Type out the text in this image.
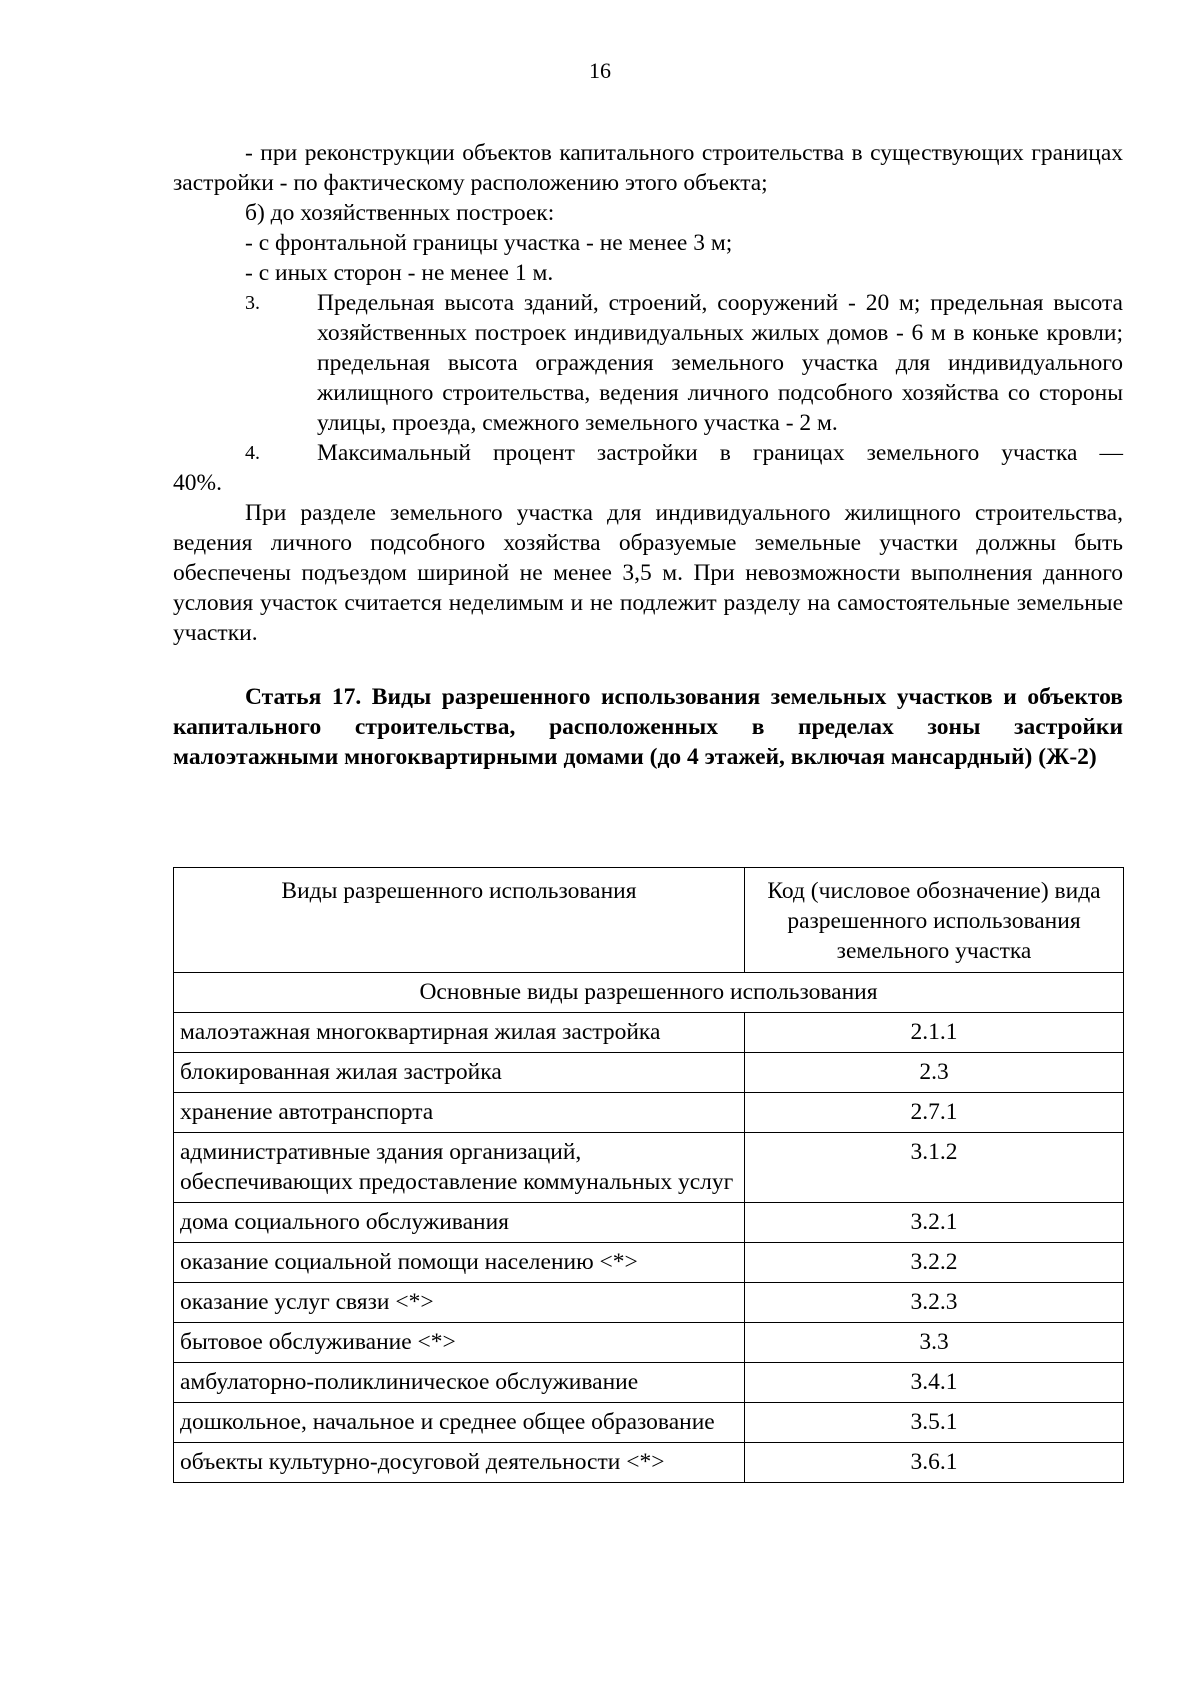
16

- при реконструкции объектов капитального строительства в существующих границах застройки - по фактическому расположению этого объекта;

б) до хозяйственных построек:

- с фронтальной границы участка - не менее 3 м;

- с иных сторон - не менее 1 м.

3.	Предельная высота зданий, строений, сооружений - 20 м; предельная высота хозяйственных построек индивидуальных жилых домов - 6 м в коньке кровли; предельная высота ограждения земельного участка для индивидуального жилищного строительства, ведения личного подсобного хозяйства со стороны улицы, проезда, смежного земельного участка - 2 м.
4.	Максимальный процент застройки в границах земельного участка —

40%.

При разделе земельного участка для индивидуального жилищного строительства, ведения личного подсобного хозяйства образуемые земельные участки должны быть обеспечены подъездом шириной не менее 3,5 м. При невозможности выполнения данного условия участок считается неделимым и не подлежит разделу на самостоятельные земельные участки.

Статья 17. Виды разрешенного использования земельных участков и объектов капитального строительства, расположенных в пределах зоны застройки малоэтажными многоквартирными домами (до 4 этажей, включая мансардный) (Ж-2)

Виды разрешенного использования	Код (числовое обозначение) вида разрешенного использования земельного участка
Основные виды разрешенного использования	
малоэтажная многоквартирная жилая застройка	2.1.1
блокированная жилая застройка	2.3
хранение автотранспорта	2.7.1
административные здания организаций, обеспечивающих предоставление коммунальных услуг	3.1.2
дома социального обслуживания	3.2.1
оказание социальной помощи населению <*>	3.2.2
оказание услуг связи <*>	3.2.3
бытовое обслуживание <*>	3.3
амбулаторно-поликлиническое обслуживание	3.4.1
дошкольное, начальное и среднее общее образование	3.5.1
объекты культурно-досуговой деятельности <*>	3.6.1
